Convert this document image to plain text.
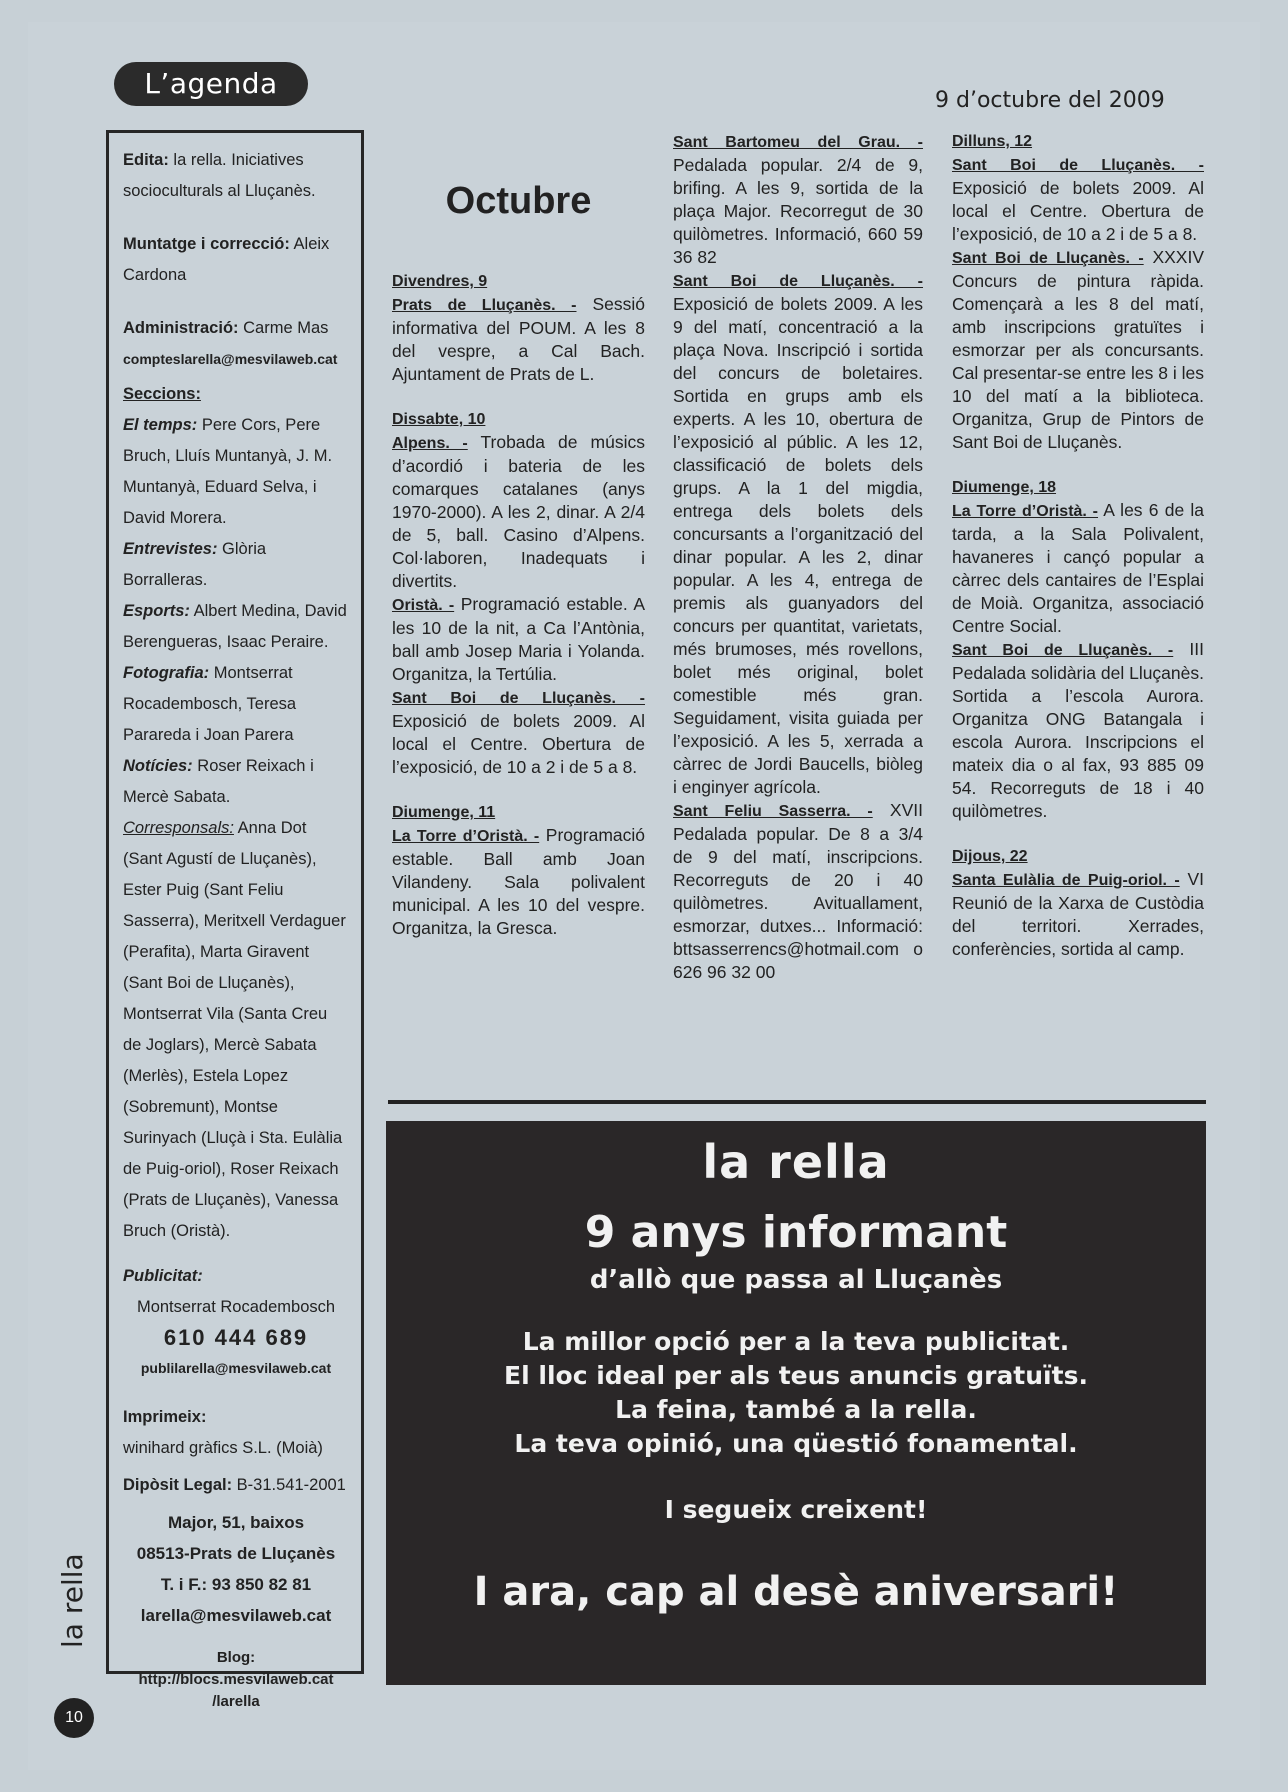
L’agenda
9 d’octubre del 2009
Edita: la rella. Iniciatives socioculturals al Lluçanès.
Muntatge i correcció: Aleix Cardona
Administració: Carme Mas
compteslarella@mesvilaweb.cat
Seccions:
El temps: Pere Cors, Pere Bruch, Lluís Muntanyà, J. M. Muntanyà, Eduard Selva, i David Morera.
Entrevistes: Glòria Borralleras.
Esports: Albert Medina, David Berengueras, Isaac Peraire.
Fotografia: Montserrat Rocadembosch, Teresa Parareda i Joan Parera
Notícies: Roser Reixach i Mercè Sabata.
Corresponsals: Anna Dot (Sant Agustí de Lluçanès), Ester Puig (Sant Feliu Sasserra), Meritxell Verdaguer (Perafita), Marta Giravent (Sant Boi de Lluçanès), Montserrat Vila (Santa Creu de Joglars), Mercè Sabata (Merlès), Estela Lopez (Sobremunt), Montse Surinyach (Lluçà i Sta. Eulàlia de Puig-oriol), Roser Reixach (Prats de Lluçanès), Vanessa Bruch (Oristà).
Publicitat:
Montserrat Rocadembosch
610 444 689
publilarella@mesvilaweb.cat
Imprimeix:
winihard gràfics S.L. (Moià)
Dipòsit Legal: B-31.541-2001
Major, 51, baixos
08513-Prats de Lluçanès
T. i F.: 93 850 82 81
larella@mesvilaweb.cat
Blog:
http://blocs.mesvilaweb.cat
/larella
la rella
10
Octubre
Divendres, 9

Prats de Lluçanès. - Sessió informativa del POUM. A les 8 del vespre, a Cal Bach. Ajuntament de Prats de L.

Dissabte, 10

Alpens. - Trobada de músics d’acordió i bateria de les comarques catalanes (anys 1970-2000). A les 2, dinar. A 2/4 de 5, ball. Casino d’Alpens. Col·laboren, Inadequats i divertits.

Oristà. - Programació estable. A les 10 de la nit, a Ca l’Antònia, ball amb Josep Maria i Yolanda. Organitza, la Tertúlia.

Sant Boi de Lluçanès. - Exposició de bolets 2009. Al local el Centre. Obertura de l’exposició, de 10 a 2 i de 5 a 8.

Diumenge, 11

La Torre d’Oristà. - Programació estable. Ball amb Joan Vilandeny. Sala polivalent municipal. A les 10 del vespre. Organitza, la Gresca.

Sant Bartomeu del Grau. - Pedalada popular. 2/4 de 9, brifing. A les 9, sortida de la plaça Major. Recorregut de 30 quilòmetres. Informació, 660 59 36 82

Sant Boi de Lluçanès. - Exposició de bolets 2009. A les 9 del matí, concentració a la plaça Nova. Inscripció i sortida del concurs de boletaires. Sortida en grups amb els experts. A les 10, obertura de l’exposició al públic. A les 12, classificació de bolets dels grups. A la 1 del migdia, entrega dels bolets dels concursants a l’organització del dinar popular. A les 2, dinar popular. A les 4, entrega de premis als guanyadors del concurs per quantitat, varietats, més brumoses, més rovellons, bolet més original, bolet comestible més gran. Seguidament, visita guiada per l’exposició. A les 5, xerrada a càrrec de Jordi Baucells, biòleg i enginyer agrícola.

Sant Feliu Sasserra. - XVII Pedalada popular. De 8 a 3/4 de 9 del matí, inscripcions. Recorreguts de 20 i 40 quilòmetres. Avituallament, esmorzar, dutxes... Informació: bttsasserrencs@hotmail.com o 626 96 32 00

Dilluns, 12

Sant Boi de Lluçanès. - Exposició de bolets 2009. Al local el Centre. Obertura de l’exposició, de 10 a 2 i de 5 a 8.

Sant Boi de Lluçanès. - XXXIV Concurs de pintura ràpida. Començarà a les 8 del matí, amb inscripcions gratuïtes i esmorzar per als concursants. Cal presentar-se entre les 8 i les 10 del matí a la biblioteca. Organitza, Grup de Pintors de Sant Boi de Lluçanès.

Diumenge, 18

La Torre d’Oristà. - A les 6 de la tarda, a la Sala Polivalent, havaneres i cançó popular a càrrec dels cantaires de l’Esplai de Moià. Organitza, associació Centre Social.

Sant Boi de Lluçanès. - III Pedalada solidària del Lluçanès. Sortida a l’escola Aurora. Organitza ONG Batangala i escola Aurora. Inscripcions el mateix dia o al fax, 93 885 09 54. Recorreguts de 18 i 40 quilòmetres.

Dijous, 22

Santa Eulàlia de Puig-oriol. - VI Reunió de la Xarxa de Custòdia del territori. Xerrades, conferències, sortida al camp.

la rella
9 anys informant
d’allò que passa al Lluçanès
La millor opció per a la teva publicitat.
El lloc ideal per als teus anuncis gratuïts.
La feina, també a la rella.
La teva opinió, una qüestió fonamental.
I segueix creixent!
I ara, cap al desè aniversari!
